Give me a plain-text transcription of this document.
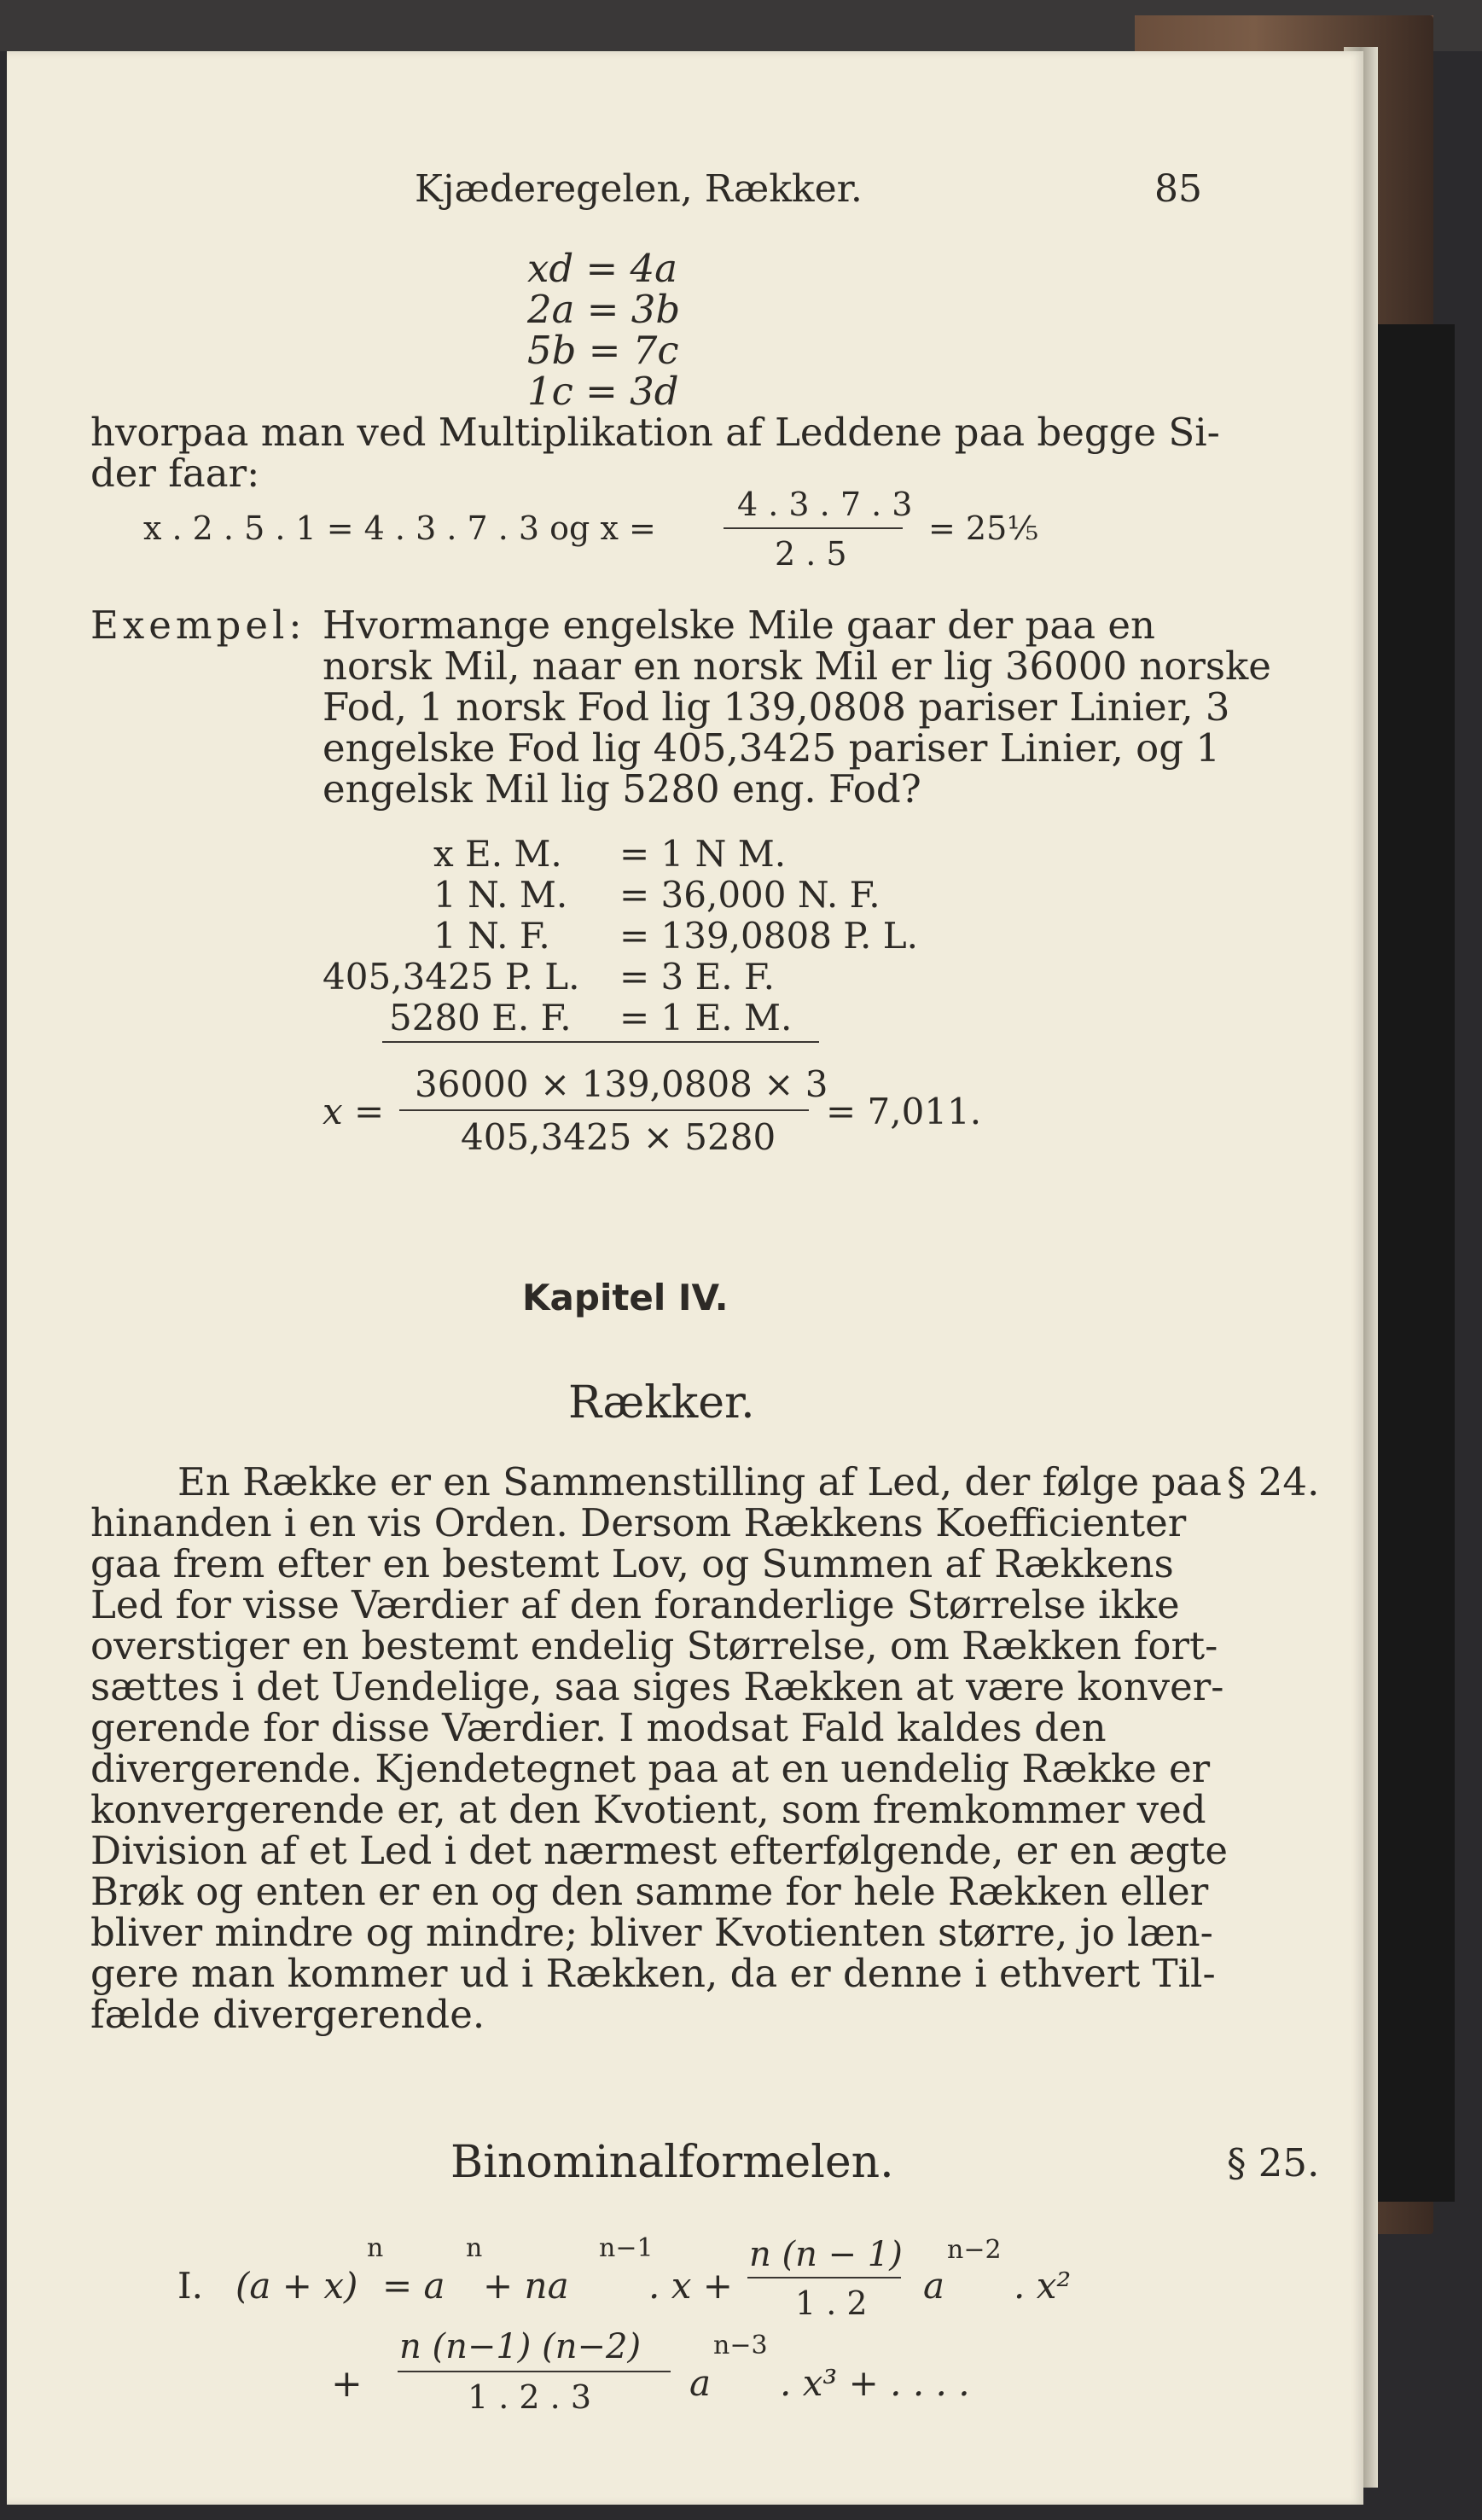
Kjæderegelen, Rækker.	85
xd = 4a
2a = 3b
5b = 7c
1c = 3d
hvorpaa man ved Multiplikation af Leddene paa begge Si-
der faar:
4 . 3 . 7 . 3
x . 2 . 5 . 1 = 4 . 3 . 7 . 3 og x =
2 . 5
= 25⅕
Exempel: Hvormange engelske Mile gaar der paa en
norsk Mil, naar en norsk Mil er lig 36000 norske
Fod, 1 norsk Fod lig 139,0808 pariser Linier, 3
engelske Fod lig 405,3425 pariser Linier, og 1
engelsk Mil lig 5280 eng. Fod?
x E. M. = 1 N M.
1 N. M. = 36,000 N. F.
1 N. F. = 139,0808 P. L.
405,3425 P. L. = 3 E. F.
5280 E. F. = 1 E. M.
36000 × 139,0808 × 3
x =
405,3425 × 5280
= 7,011.
Kapitel IV.
Rækker.
§ 24.
En Række er en Sammenstilling af Led, der følge paa
hinanden i en vis Orden. Dersom Rækkens Koefficienter
gaa frem efter en bestemt Lov, og Summen af Rækkens
Led for visse Værdier af den foranderlige Størrelse ikke
overstiger en bestemt endelig Størrelse, om Rækken fort-
sættes i det Uendelige, saa siges Rækken at være konver-
gerende for disse Værdier. I modsat Fald kaldes den
divergerende. Kjendetegnet paa at en uendelig Række er
konvergerende er, at den Kvotient, som fremkommer ved
Division af et Led i det nærmest efterfølgende, er en ægte
Brøk og enten er en og den samme for hele Rækken eller
bliver mindre og mindre; bliver Kvotienten større, jo læn-
gere man kommer ud i Rækken, da er denne i ethvert Til-
fælde divergerende.
Binominalformelen.	§ 25.
I. (a + x)
n
= a
n
+ na
n−1
. x +
n (n − 1)
1 . 2 a
n−2
. x²
+
n (n−1) (n−2)
1 . 2 . 3	a
n−3
. x³ + . . . .
